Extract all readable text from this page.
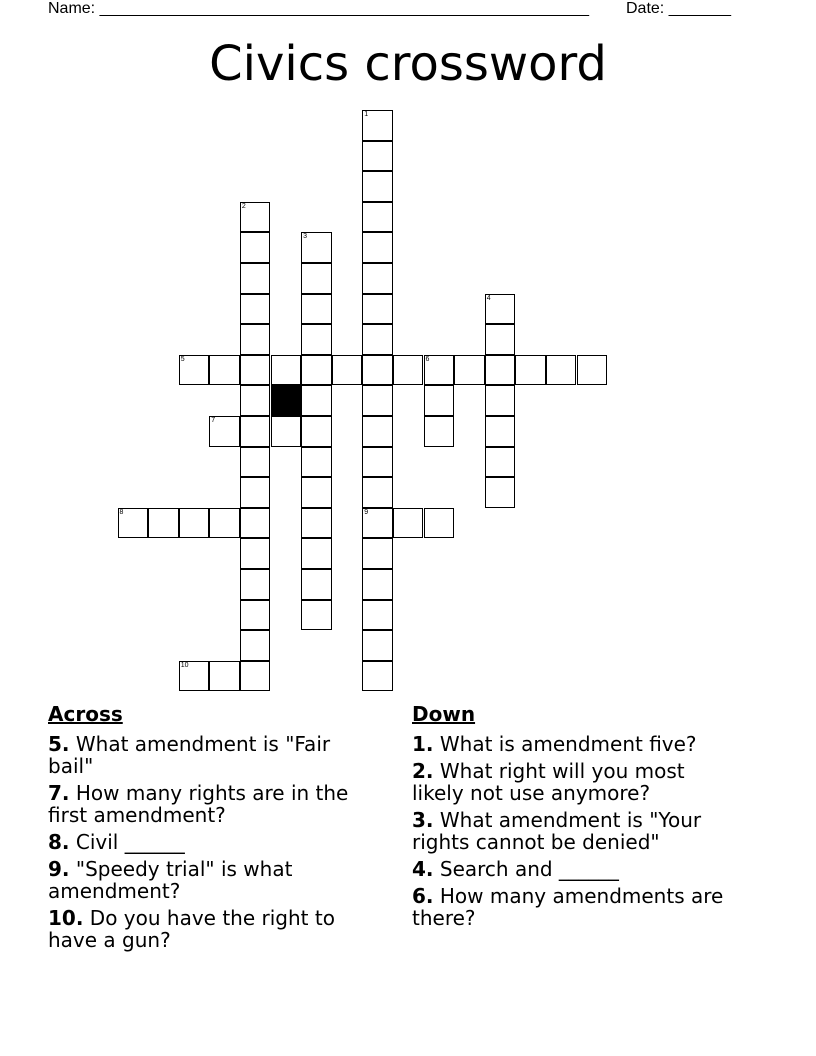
Name: _______________________________________________________ Date: _______
Civics crossword
1
9
2
3
4
5	6
7
8
10
Across
5. What amendment is "Fair bail"
7. How many rights are in the first amendment?
8. Civil ______
9. "Speedy trial" is what amendment?
10. Do you have the right to have a gun?
Down
1. What is amendment five?
2. What right will you most likely not use anymore?
3. What amendment is "Your rights cannot be denied"
4. Search and ______
6. How many amendments are there?
